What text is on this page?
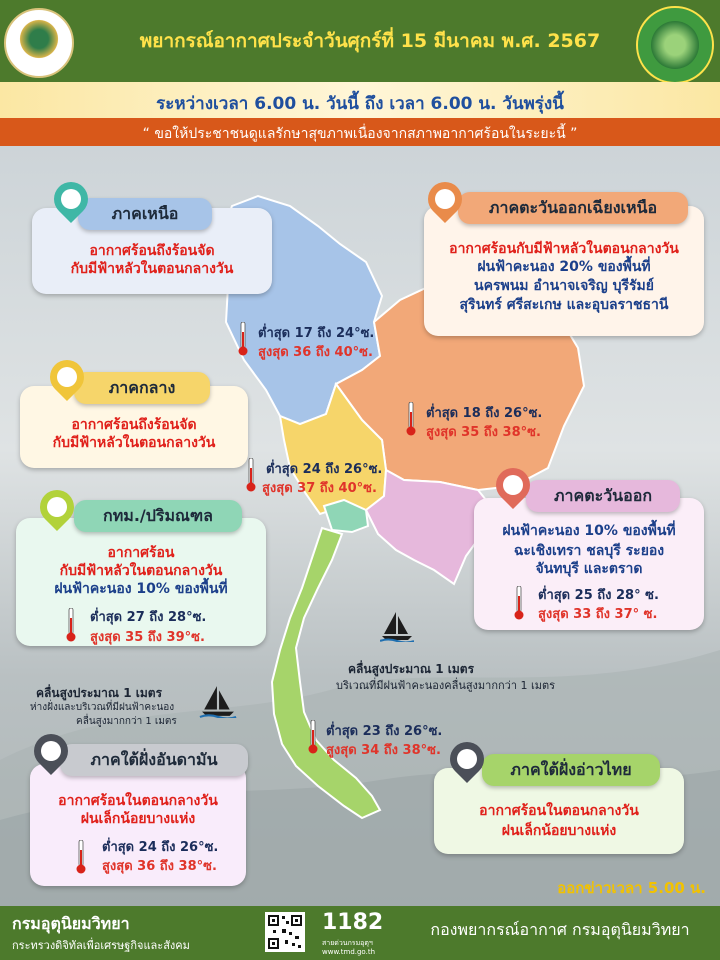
พยากรณ์อากาศประจำวันศุกร์ที่ 15 มีนาคม พ.ศ. 2567
ระหว่างเวลา 6.00 น. วันนี้ ถึง เวลา 6.00 น. วันพรุ่งนี้
“ ขอให้ประชาชนดูแลรักษาสุขภาพเนื่องจากสภาพอากาศร้อนในระยะนี้ ”
ภาคเหนือ
อากาศร้อนถึงร้อนจัด
กับมีฟ้าหลัวในตอนกลางวัน
ต่ำสุด 17 ถึง 24°ซ.
สูงสุด 36 ถึง 40°ซ.
ภาคตะวันออกเฉียงเหนือ
อากาศร้อนกับมีฟ้าหลัวในตอนกลางวัน
ฝนฟ้าคะนอง 20% ของพื้นที่
นครพนม อำนาจเจริญ บุรีรัมย์
สุรินทร์ ศรีสะเกษ และอุบลราชธานี
ต่ำสุด 18 ถึง 26°ซ.
สูงสุด 35 ถึง 38°ซ.
ภาคกลาง
อากาศร้อนถึงร้อนจัด
กับมีฟ้าหลัวในตอนกลางวัน
ต่ำสุด 24 ถึง 26°ซ.
สูงสุด 37 ถึง 40°ซ.
กทม./ปริมณฑล
อากาศร้อน
กับมีฟ้าหลัวในตอนกลางวัน
ฝนฟ้าคะนอง 10% ของพื้นที่
ต่ำสุด 27 ถึง 28°ซ.
สูงสุด 35 ถึง 39°ซ.
ภาคตะวันออก
ฝนฟ้าคะนอง 10% ของพื้นที่
ฉะเชิงเทรา ชลบุรี ระยอง
จันทบุรี และตราด
ต่ำสุด 25 ถึง 28° ซ.
สูงสุด 33 ถึง 37° ซ.
คลื่นสูงประมาณ 1 เมตร
บริเวณที่มีฝนฟ้าคะนองคลื่นสูงมากกว่า 1 เมตร
คลื่นสูงประมาณ 1 เมตร
ห่างฝั่งและบริเวณที่มีฝนฟ้าคะนอง
คลื่นสูงมากกว่า 1 เมตร
ต่ำสุด 23 ถึง 26°ซ.
สูงสุด 34 ถึง 38°ซ.
ภาคใต้ฝั่งอันดามัน
อากาศร้อนในตอนกลางวัน
ฝนเล็กน้อยบางแห่ง
ต่ำสุด 24 ถึง 26°ซ.
สูงสุด 36 ถึง 38°ซ.
ภาคใต้ฝั่งอ่าวไทย
อากาศร้อนในตอนกลางวัน
ฝนเล็กน้อยบางแห่ง
ออกข่าวเวลา 5.00 น.
กรมอุตุนิยมวิทยา
กระทรวงดิจิทัลเพื่อเศรษฐกิจและสังคม
1182
สายด่วนกรมอุตุฯ
www.tmd.go.th
กองพยากรณ์อากาศ กรมอุตุนิยมวิทยา
